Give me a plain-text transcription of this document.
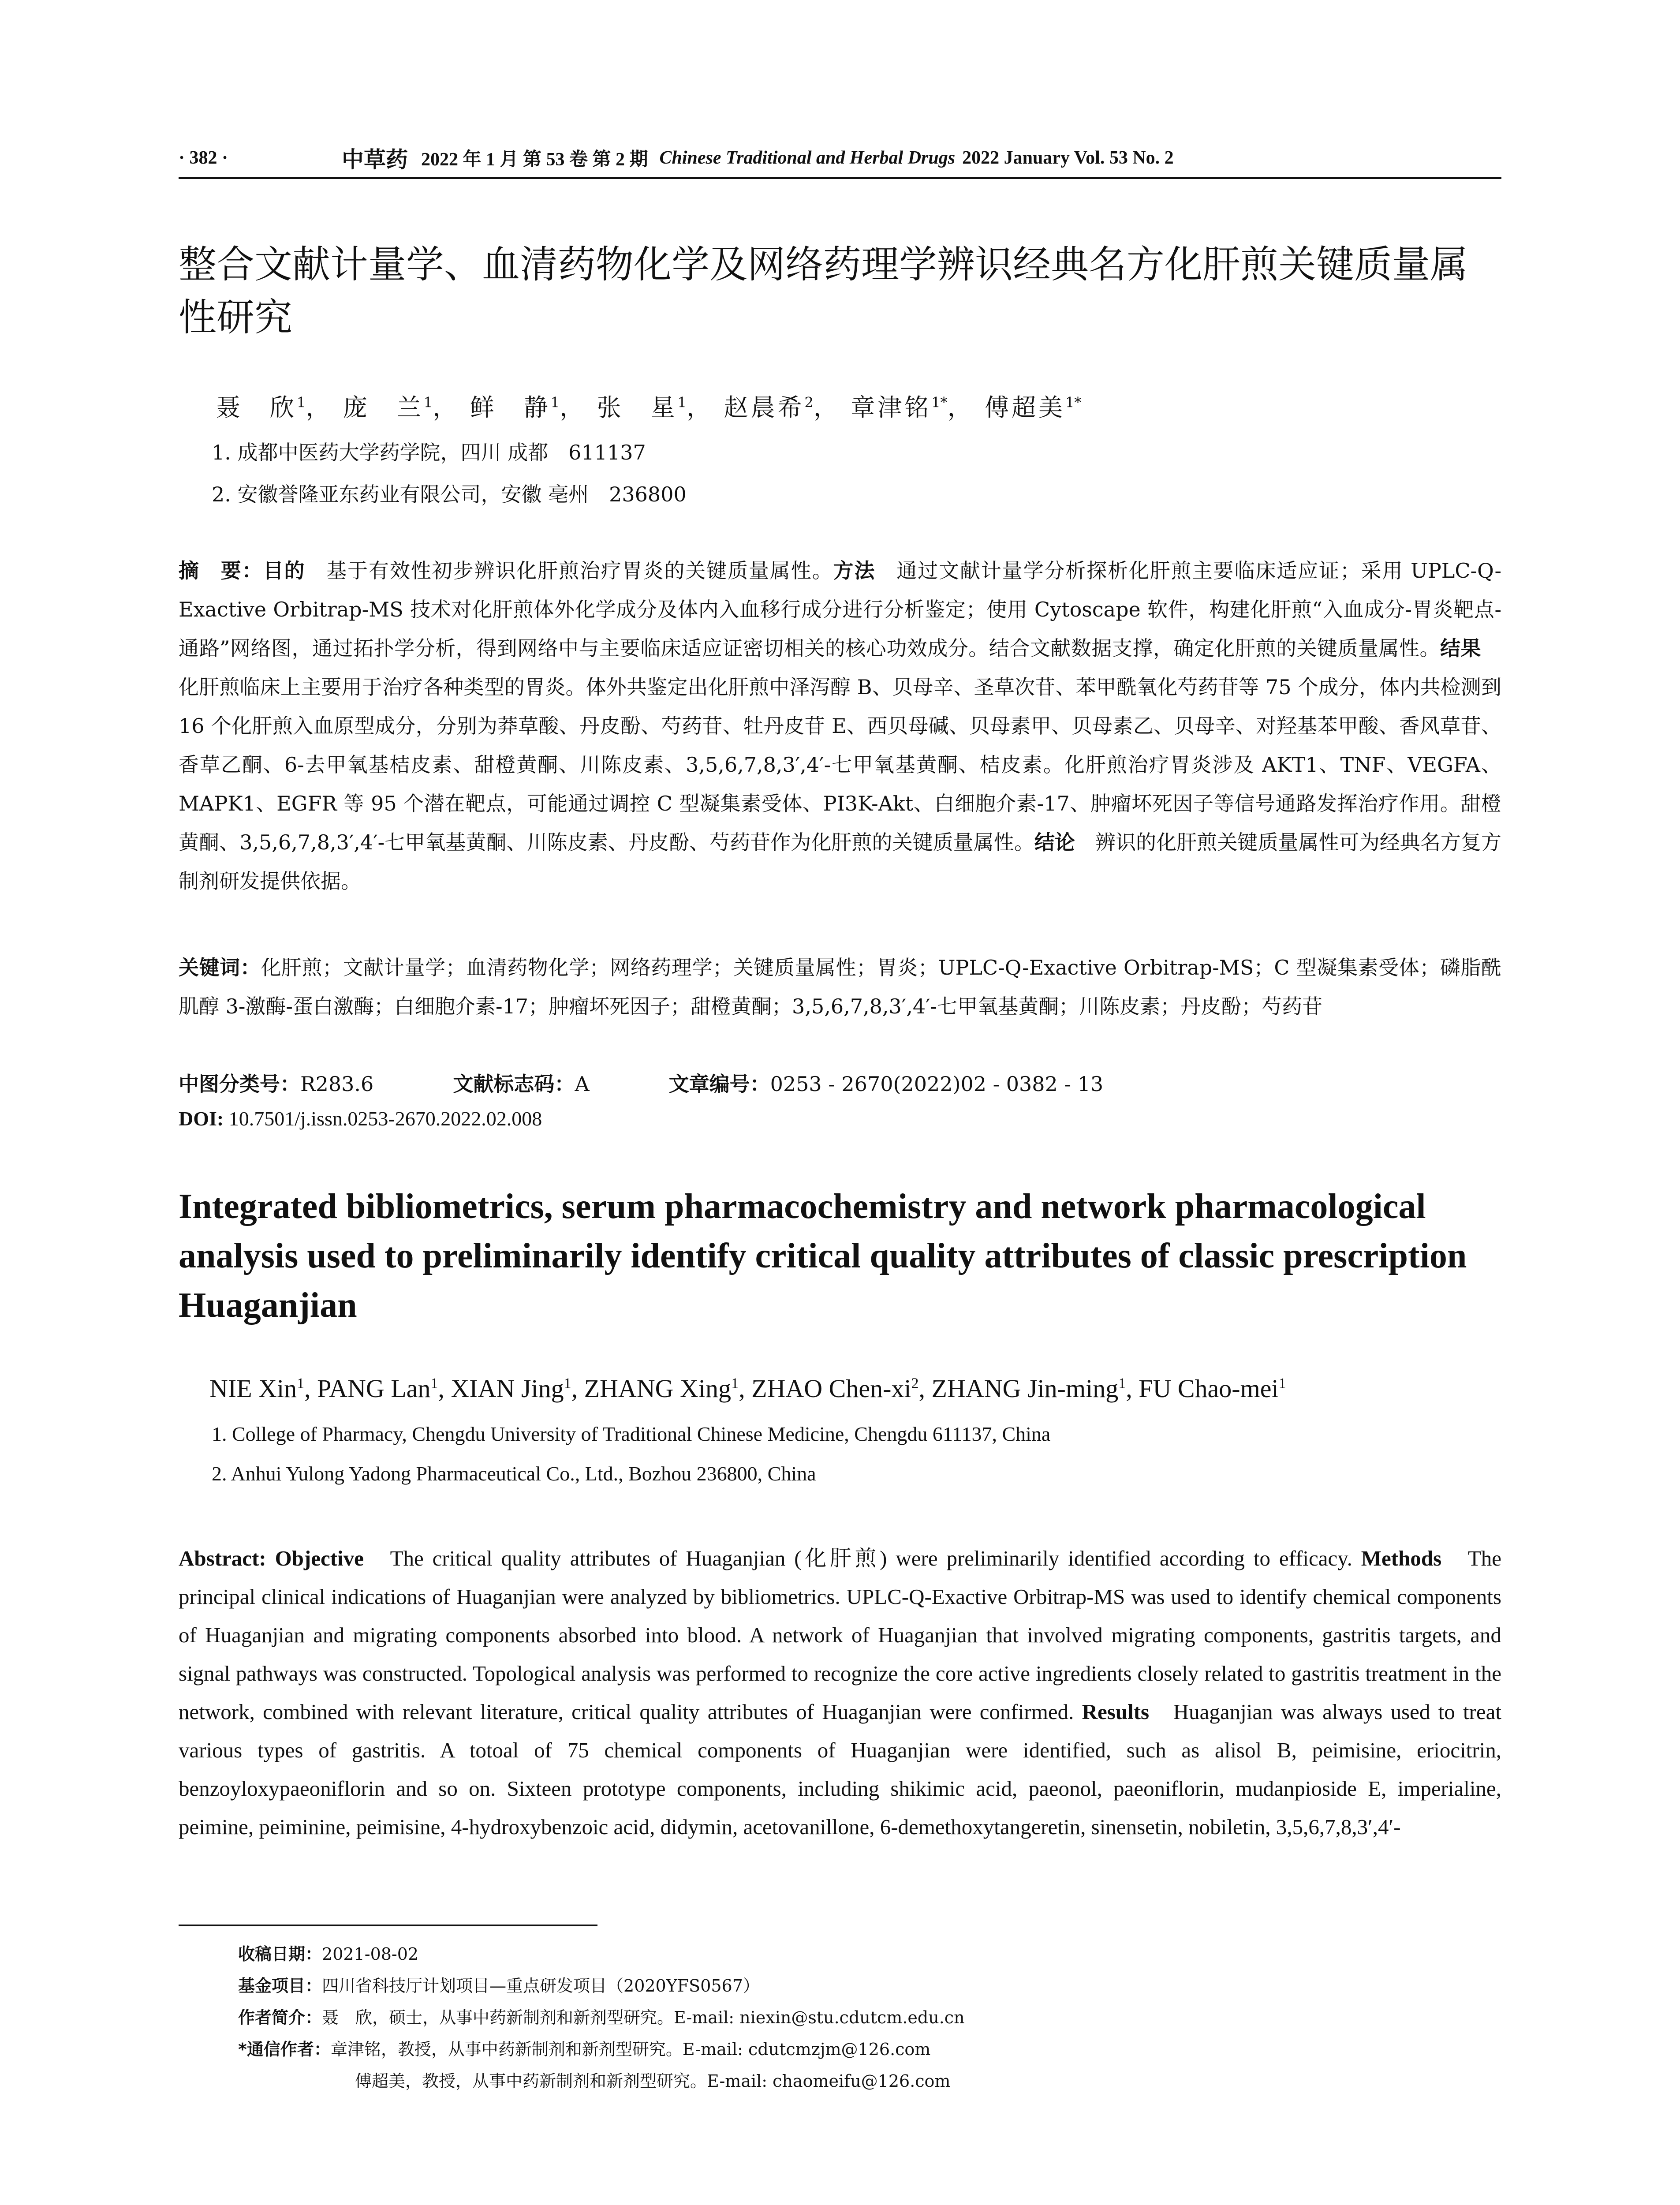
· 382 ·	中草药 2022 年 1 月 第 53 卷 第 2 期 Chinese Traditional and Herbal Drugs 2022 January Vol. 53 No. 2
整合文献计量学、血清药物化学及网络药理学辨识经典名方化肝煎关键质量属性研究
聂　欣$^1$， 庞　兰$^1$， 鲜　静$^1$， 张　星$^1$， 赵晨希$^2$， 章津铭$^{1*}$， 傅超美$^{1*}$
1. 成都中医药大学药学院，四川 成都　611137
2. 安徽誉隆亚东药业有限公司，安徽 亳州　236800
摘　要：目的 基于有效性初步辨识化肝煎治疗胃炎的关键质量属性。方法 通过文献计量学分析探析化肝煎主要临床适应证；采用 UPLC-Q-Exactive Orbitrap-MS 技术对化肝煎体外化学成分及体内入血移行成分进行分析鉴定；使用 Cytoscape 软件，构建化肝煎“入血成分-胃炎靶点-通路”网络图，通过拓扑学分析，得到网络中与主要临床适应证密切相关的核心功效成分。结合文献数据支撑，确定化肝煎的关键质量属性。结果化肝煎临床上主要用于治疗各种类型的胃炎。体外共鉴定出化肝煎中泽泻醇 B、贝母辛、圣草次苷、苯甲酰氧化芍药苷等 75 个成分，体内共检测到 16 个化肝煎入血原型成分，分别为莽草酸、丹皮酚、芍药苷、牡丹皮苷 E、西贝母碱、贝母素甲、贝母素乙、贝母辛、对羟基苯甲酸、香风草苷、香草乙酮、6-去甲氧基桔皮素、甜橙黄酮、川陈皮素、3,5,6,7,8,3′,4′-七甲氧基黄酮、桔皮素。化肝煎治疗胃炎涉及 AKT1、TNF、VEGFA、MAPK1、EGFR 等 95 个潜在靶点，可能通过调控 C 型凝集素受体、PI3K-Akt、白细胞介素-17、肿瘤坏死因子等信号通路发挥治疗作用。甜橙黄酮、3,5,6,7,8,3′,4′-七甲氧基黄酮、川陈皮素、丹皮酚、芍药苷作为化肝煎的关键质量属性。结论 辨识的化肝煎关键质量属性可为经典名方复方制剂研发提供依据。
关键词：化肝煎；文献计量学；血清药物化学；网络药理学；关键质量属性；胃炎；UPLC-Q-Exactive Orbitrap-MS；C 型凝集素受体；磷脂酰肌醇 3-激酶-蛋白激酶；白细胞介素-17；肿瘤坏死因子；甜橙黄酮；3,5,6,7,8,3′,4′-七甲氧基黄酮；川陈皮素；丹皮酚；芍药苷
中图分类号：R283.6	文献标志码：A	文章编号：0253 - 2670(2022)02 - 0382 - 13
DOI: 10.7501/j.issn.0253-2670.2022.02.008
Integrated bibliometrics, serum pharmacochemistry and network pharmacological analysis used to preliminarily identify critical quality attributes of classic prescription Huaganjian
NIE Xin$^1$, PANG Lan$^1$, XIAN Jing$^1$, ZHANG Xing$^1$, ZHAO Chen-$xi^2$, ZHANG Jin-ming$^1$, FU Chao-mei$^1$
1. College of Pharmacy, Chengdu University of Traditional Chinese Medicine, Chengdu 611137, China
2. Anhui Yulong Yadong Pharmaceutical Co., Ltd., Bozhou 236800, China
Abstract: Objective The critical quality attributes of Huaganjian (化肝煎) were preliminarily identified according to efficacy. Methods The principal clinical indications of Huaganjian were analyzed by bibliometrics. UPLC-Q-Exactive Orbitrap-MS was used to identify chemical components of Huaganjian and migrating components absorbed into blood. A network of Huaganjian that involved migrating components, gastritis targets, and signal pathways was constructed. Topological analysis was performed to recognize the core active ingredients closely related to gastritis treatment in the network, combined with relevant literature, critical quality attributes of Huaganjian were confirmed. Results Huaganjian was always used to treat various types of gastritis. A totoal of 75 chemical components of Huaganjian were identified, such as alisol B, peimisine, eriocitrin, benzoyloxypaeoniflorin and so on. Sixteen prototype components, including shikimic acid, paeonol, paeoniflorin, mudanpioside E, imperialine, peimine, peiminine, peimisine, 4-hydroxybenzoic acid, didymin, acetovanillone, 6-demethoxytangeretin, sinensetin, nobiletin, 3,5,6,7,8,3′,4′-
收稿日期：2021-08-02
基金项目：四川省科技厅计划项目—重点研发项目（2020YFS0567）
作者简介：聂　欣，硕士，从事中药新制剂和新剂型研究。E-mail: niexin@stu.cdutcm.edu.cn
*通信作者：章津铭，教授，从事中药新制剂和新剂型研究。E-mail: cdutcmzjm@126.com
傅超美，教授，从事中药新制剂和新剂型研究。E-mail: chaomeifu@126.com
